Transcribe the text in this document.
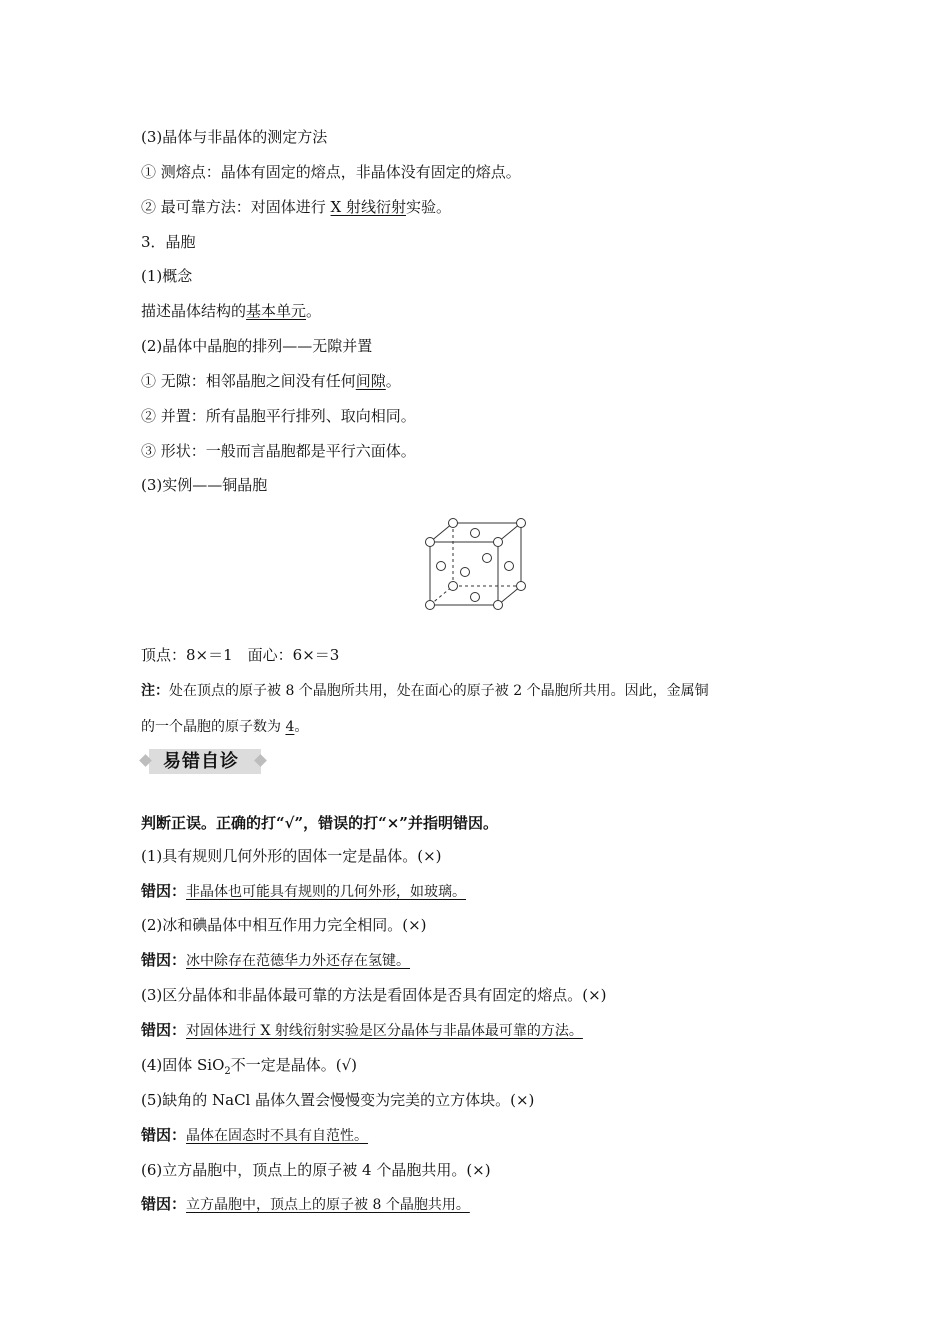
(3)晶体与非晶体的测定方法
① 测熔点：晶体有固定的熔点，非晶体没有固定的熔点。
② 最可靠方法：对固体进行 X 射线衍射实验。
3．晶胞
(1)概念
描述晶体结构的基本单元。
(2)晶体中晶胞的排列——无隙并置
① 无隙：相邻晶胞之间没有任何间隙。
② 并置：所有晶胞平行排列、取向相同。
③ 形状：一般而言晶胞都是平行六面体。
(3)实例——铜晶胞
顶点：8×＝1　面心：6×＝3
注：处在顶点的原子被 8 个晶胞所共用，处在面心的原子被 2 个晶胞所共用。因此，金属铜
的一个晶胞的原子数为 4。
易错自诊
判断正误。正确的打“√”，错误的打“×”并指明错因。
(1)具有规则几何外形的固体一定是晶体。(×)
错因：非晶体也可能具有规则的几何外形，如玻璃。
(2)冰和碘晶体中相互作用力完全相同。(×)
错因：冰中除存在范德华力外还存在氢键。
(3)区分晶体和非晶体最可靠的方法是看固体是否具有固定的熔点。(×)
错因：对固体进行 X 射线衍射实验是区分晶体与非晶体最可靠的方法。
(4)固体 SiO$_2$不一定是晶体。(√)
(5)缺角的 NaCl 晶体久置会慢慢变为完美的立方体块。(×)
错因：晶体在固态时不具有自范性。
(6)立方晶胞中，顶点上的原子被 4 个晶胞共用。(×)
错因：立方晶胞中，顶点上的原子被 8 个晶胞共用。
